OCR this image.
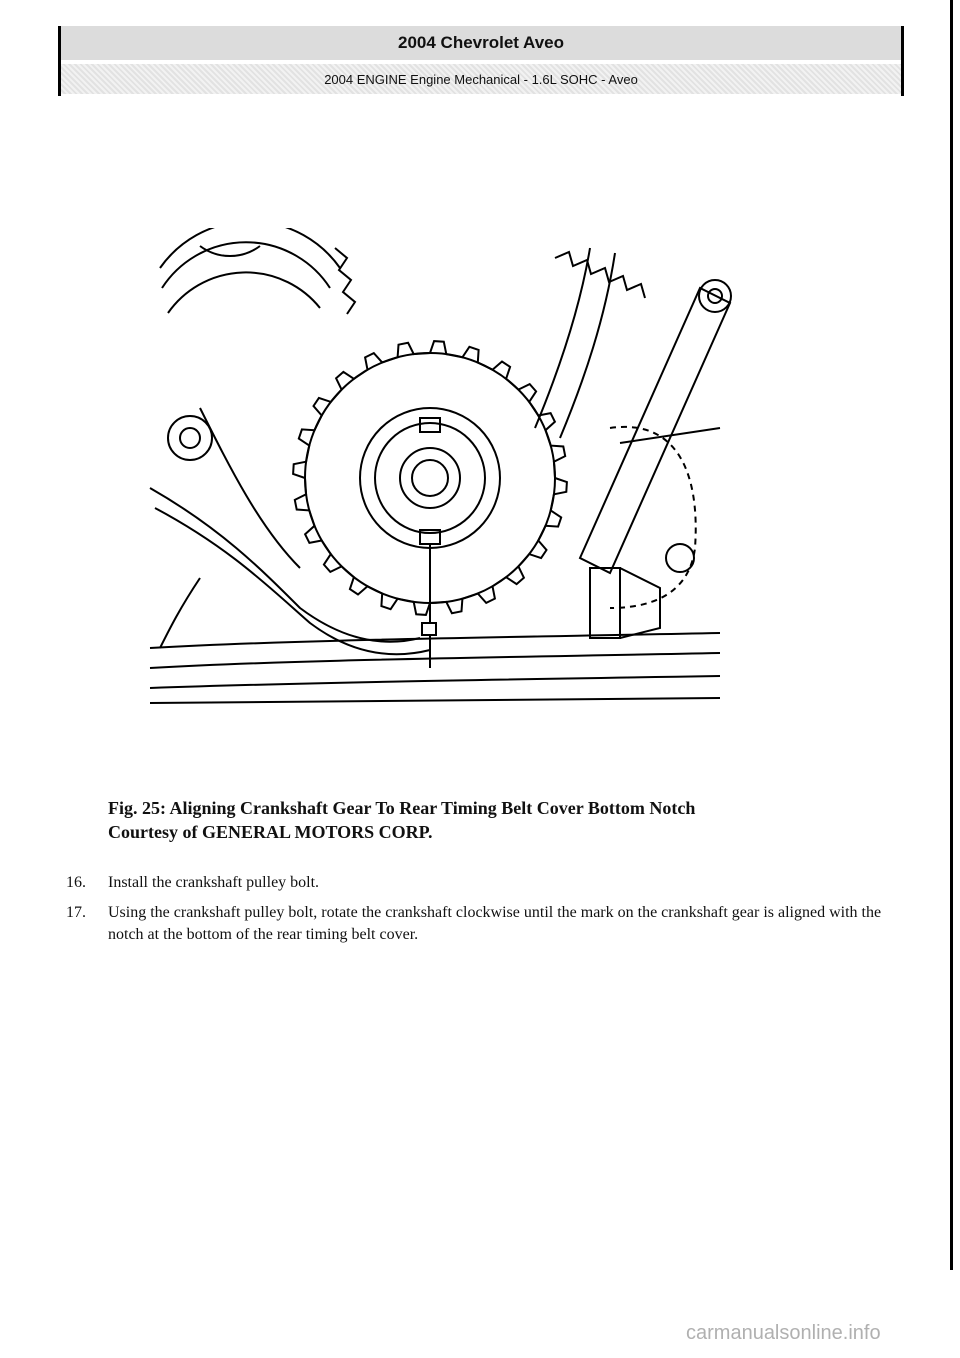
2004 Chevrolet Aveo
2004 ENGINE Engine Mechanical - 1.6L SOHC - Aveo
Fig. 25: Aligning Crankshaft Gear To Rear Timing Belt Cover Bottom Notch
Courtesy of GENERAL MOTORS CORP.
16.	Install the crankshaft pulley bolt.
17.	Using the crankshaft pulley bolt, rotate the crankshaft clockwise until the mark on the crankshaft gear is aligned with the notch at the bottom of the rear timing belt cover.
carmanualsonline.info
